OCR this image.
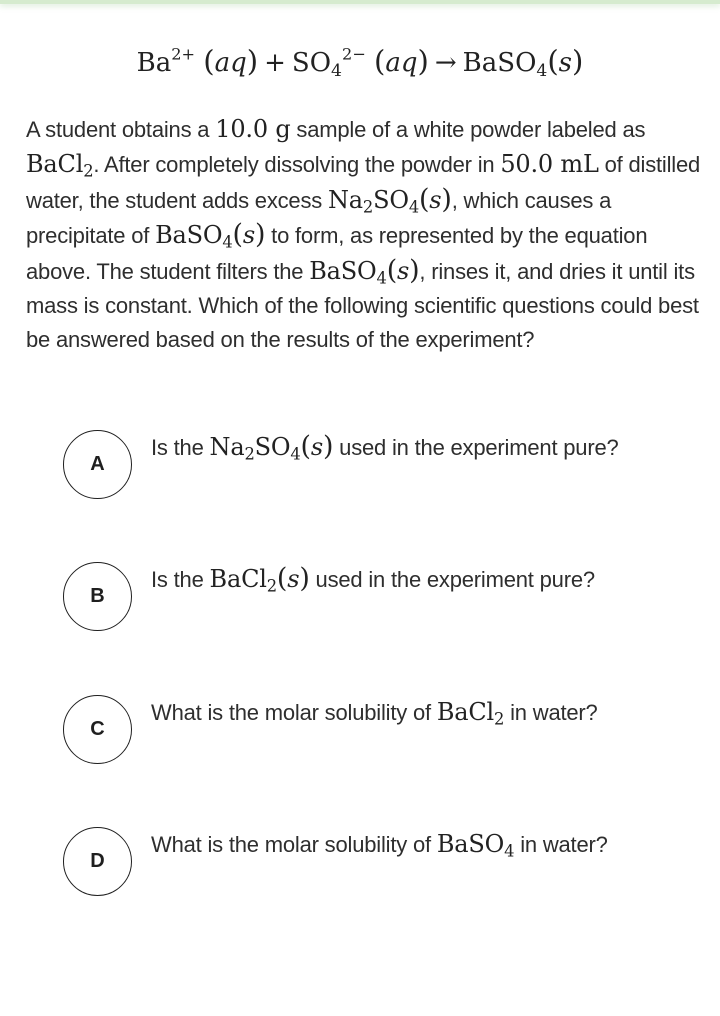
$Ba^{2+}$ $(aq) + SO_4^{2-}$ (aq) → BaSO$_4$(s)
A student obtains a 10.0 g sample of a white powder labeled as BaCl$_2$. After completely dissolving the powder in 50.0 mL of distilled water, the student adds excess $Na_2SO_4(s)$, which causes a precipitate of BaSO$_4$(s) to form, as represented by the equation above. The student filters the BaSO$_4$(s), rinses it, and dries it until its mass is constant. Which of the following scientific questions could best be answered based on the results of the experiment?
A
Is the $Na_2SO_4(s)$ used in the experiment pure?
B
Is the BaCl$_2$(s) used in the experiment pure?
C
What is the molar solubility of BaCl$_2$ in water?
D
What is the molar solubility of BaSO$_4$ in water?
